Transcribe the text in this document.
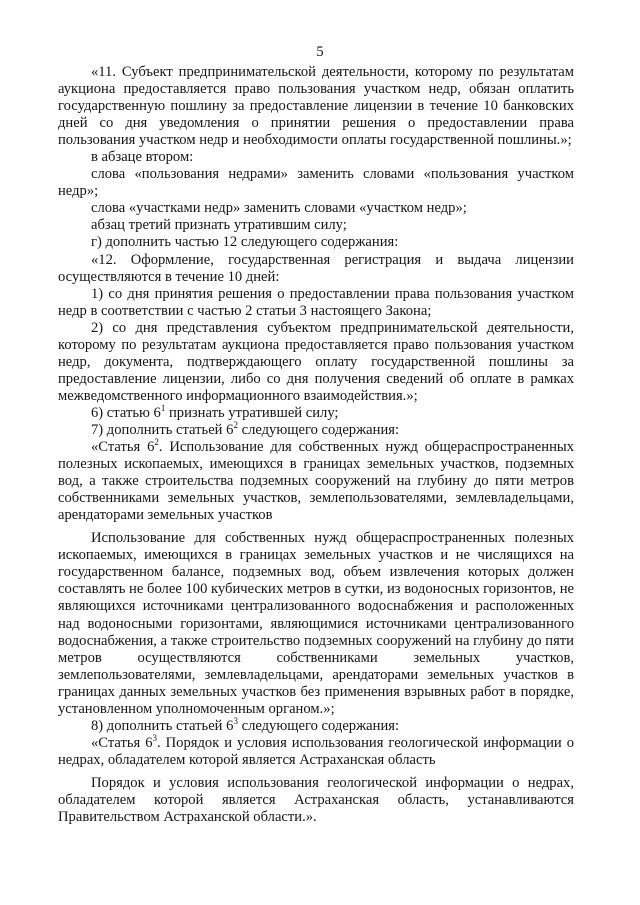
5

«11. Субъект предпринимательской деятельности, которому по результатам аукциона предоставляется право пользования участком недр, обязан оплатить государственную пошлину за предоставление лицензии в течение 10 банковских дней со дня уведомления о принятии решения о предоставлении права пользования участком недр и необходимости оплаты государственной пошлины.»;

в абзаце втором:

слова «пользования недрами» заменить словами «пользования участком недр»;

слова «участками недр» заменить словами «участком недр»;

абзац третий признать утратившим силу;

г) дополнить частью 12 следующего содержания:

«12. Оформление, государственная регистрация и выдача лицензии осуществляются в течение 10 дней:

1) со дня принятия решения о предоставлении права пользования участком недр в соответствии с частью 2 статьи 3 настоящего Закона;

2) со дня представления субъектом предпринимательской деятельности, которому по результатам аукциона предоставляется право пользования участком недр, документа, подтверждающего оплату государственной пошлины за предоставление лицензии, либо со дня получения сведений об оплате в рамках межведомственного информационного взаимодействия.»;

6) статью $6^1$ признать утратившей силу;

7) дополнить статьей $6^2$ следующего содержания:

«Статья $6^2$. Использование для собственных нужд общераспространенных полезных ископаемых, имеющихся в границах земельных участков, подземных вод, а также строительства подземных сооружений на глубину до пяти метров собственниками земельных участков, землепользователями, землевладельцами, арендаторами земельных участков

Использование для собственных нужд общераспространенных полезных ископаемых, имеющихся в границах земельных участков и не числящихся на государственном балансе, подземных вод, объем извлечения которых должен составлять не более 100 кубических метров в сутки, из водоносных горизонтов, не являющихся источниками централизованного водоснабжения и расположенных над водоносными горизонтами, являющимися источниками централизованного водоснабжения, а также строительство подземных сооружений на глубину до пяти метров осуществляются собственниками земельных участков, землепользователями, землевладельцами, арендаторами земельных участков в границах данных земельных участков без применения взрывных работ в порядке, установленном уполномоченным органом.»;

8) дополнить статьей $6^3$ следующего содержания:

«Статья $6^3$. Порядок и условия использования геологической информации о недрах, обладателем которой является Астраханская область

Порядок и условия использования геологической информации о недрах, обладателем которой является Астраханская область, устанавливаются Правительством Астраханской области.».
